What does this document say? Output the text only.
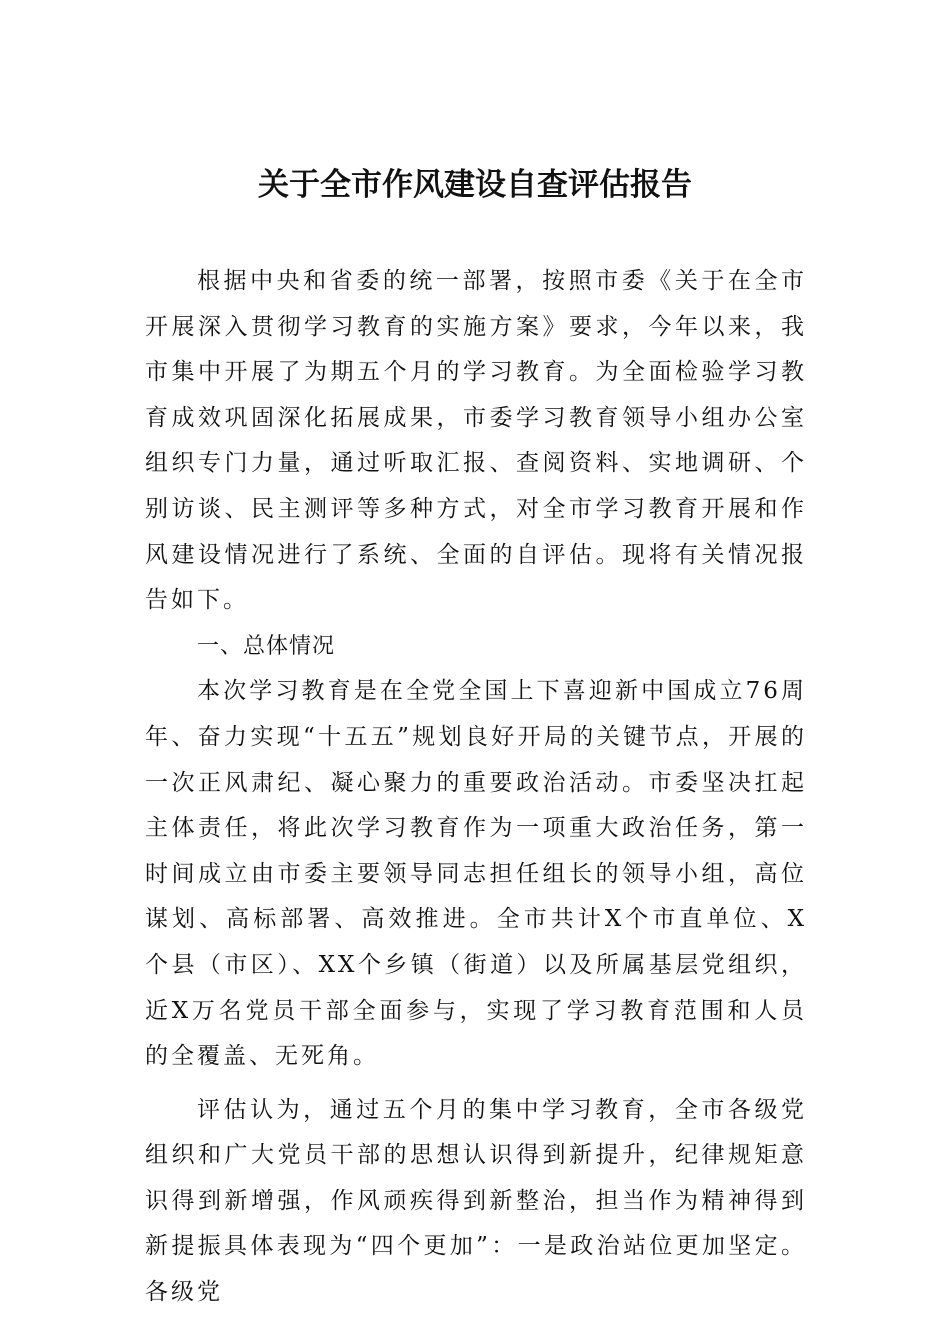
关于全市作风建设自查评估报告

根据中央和省委的统一部署，按照市委《关于在全市开展深入贯彻学习教育的实施方案》要求，今年以来，我市集中开展了为期五个月的学习教育。为全面检验学习教育成效巩固深化拓展成果，市委学习教育领导小组办公室组织专门力量，通过听取汇报、查阅资料、实地调研、个别访谈、民主测评等多种方式，对全市学习教育开展和作风建设情况进行了系统、全面的自评估。现将有关情况报告如下。

一、总体情况

本次学习教育是在全党全国上下喜迎新中国成立76周年、奋力实现“十五五”规划良好开局的关键节点，开展的一次正风肃纪、凝心聚力的重要政治活动。市委坚决扛起主体责任，将此次学习教育作为一项重大政治任务，第一时间成立由市委主要领导同志担任组长的领导小组，高位谋划、高标部署、高效推进。全市共计X个市直单位、X个县（市区）、XX个乡镇（街道）以及所属基层党组织，近X万名党员干部全面参与，实现了学习教育范围和人员的全覆盖、无死角。

评估认为，通过五个月的集中学习教育，全市各级党组织和广大党员干部的思想认识得到新提升，纪律规矩意识得到新增强，作风顽疾得到新整治，担当作为精神得到新提振具体表现为“四个更加”：一是政治站位更加坚定。各级党
